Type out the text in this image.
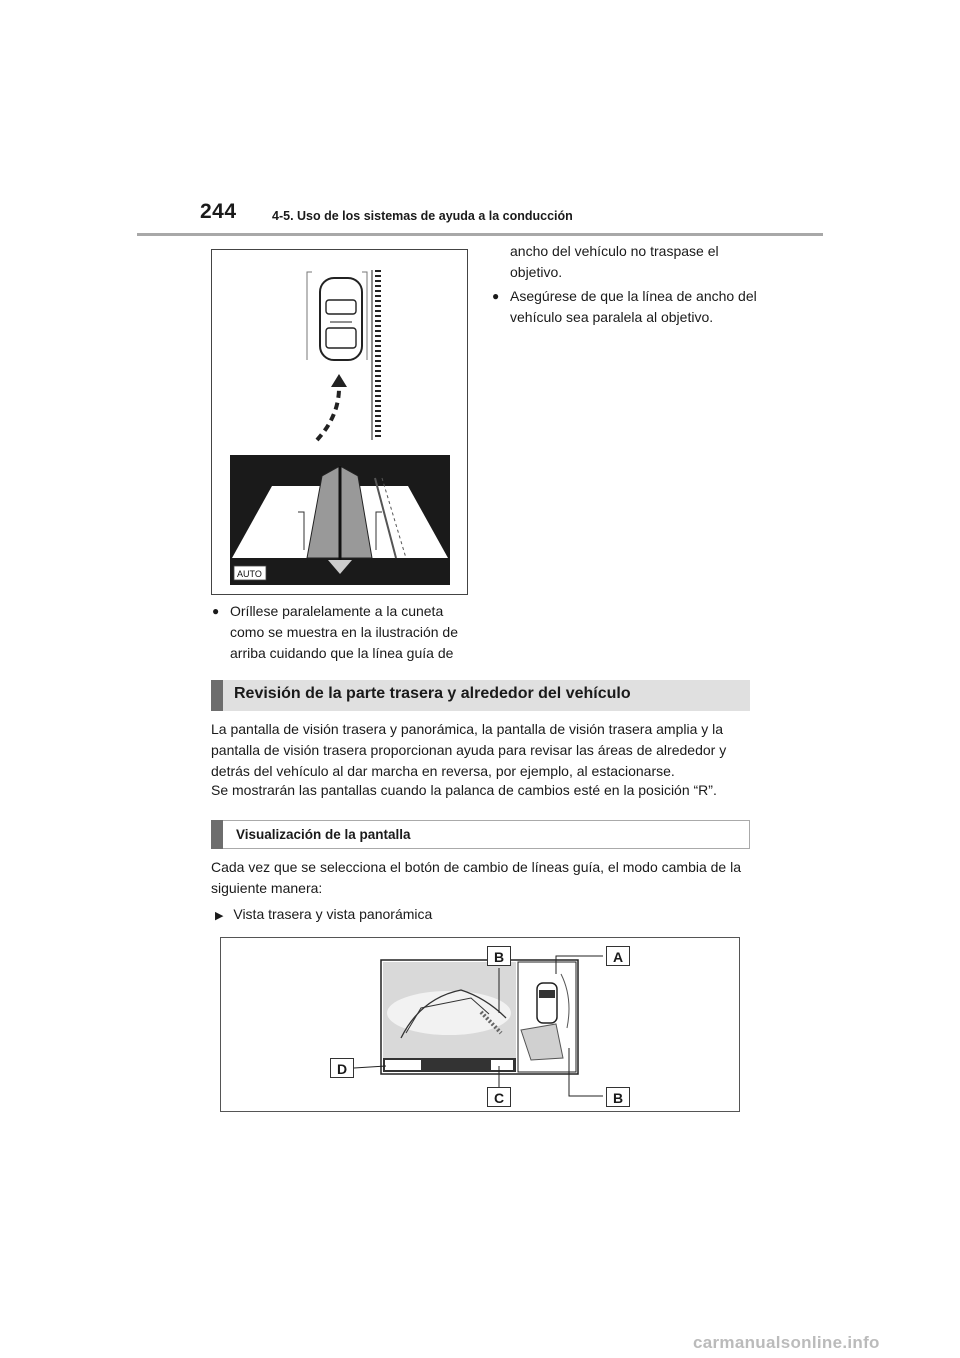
244	4-5. Uso de los sistemas de ayuda a la conducción
AUTO
● Oríllese paralelamente a la cuneta como se muestra en la ilustración de arriba cuidando que la línea guía de
ancho del vehículo no traspase el objetivo.
● Asegúrese de que la línea de ancho del vehículo sea paralela al objetivo.
Revisión de la parte trasera y alrededor del vehículo
La pantalla de visión trasera y panorámica, la pantalla de visión trasera amplia y la pantalla de visión trasera proporcionan ayuda para revisar las áreas de alrededor y detrás del vehículo al dar marcha en reversa, por ejemplo, al estacionarse.
Se mostrarán las pantallas cuando la palanca de cambios esté en la posición “R”.
Visualización de la pantalla
Cada vez que se selecciona el botón de cambio de líneas guía, el modo cambia de la siguiente manera:
▶ Vista trasera y vista panorámica
B	A
D
C	B
carmanualsonline.info
